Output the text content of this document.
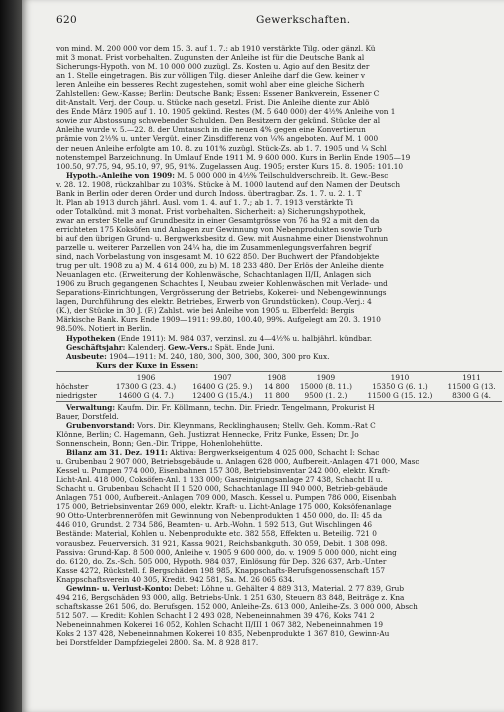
620	Gewerkschaften.

von mind. M. 200 000 vor dem 15. 3. auf 1. 7.: ab 1910 verstärkte Tilg. oder gänzl. Kü

mit 3 monat. Frist vorbehalten. Zugunsten der Anleihe ist für die Deutsche Bank al

Sicherungs-Hypoth. von M. 10 000 000 zuzügl. Zs. Kosten u. Agio auf den Besitz der

an 1. Stelle eingetragen. Bis zur völligen Tilg. dieser Anleihe darf die Gew. keiner v

leren Anleihe ein besseres Recht zugestehen, somit wohl aber eine gleiche Sicherh

Zahlstellen: Gew.-Kasse; Berlin: Deutsche Bank; Essen: Essener Bankverein, Essener C

dit-Anstalt. Verj. der Coup. u. Stücke nach gesetzl. Frist. Die Anleihe diente zur Ablö

des Ende März 1905 auf 1. 10. 1905 gekünd. Restes (M. 5 640 000) der 4½% Anleihe von 1

sowie zur Abstossung schwebender Schulden. Den Besitzern der gekünd. Stücke der al

Anleihe wurde v. 5.—22. 8. der Umtausch in die neuen 4% gegen eine Konvertierun

prämie von 2½% u. unter Vergüt. einer Zinsdifferenz von ¼% angeboten. Auf M. 1 000

der neuen Anleihe erfolgte am 10. 8. zu 101% zuzügl. Stück-Zs. ab 1. 7. 1905 und ¼ Schl

notenstempel Barzeichnung. In Umlauf Ende 1911 M. 9 600 000. Kurs in Berlin Ende 1905—19

100.50, 97.75, 94, 95.10, 97, 95, 91%. Zugelassen Aug. 1905; erster Kurs 15. 8. 1905: 101.10

Hypoth.-Anleihe von 1909: M. 5 000 000 in 4½% Teilschuldverschreib. lt. Gew.-Besc

v. 28. 12. 1908, rückzahlbar zu 103%. Stücke à M. 1000 lautend auf den Namen der Deutsch

Bank in Berlin oder deren Order und durch Indoss. übertragbar. Zs. 1. 7. u. 2. 1. T

lt. Plan ab 1913 durch jährl. Ausl. vom 1. 4. auf 1. 7.; ab 1. 7. 1913 verstärkte Ti

oder Totalkünd. mit 3 monat. Frist vorbehalten. Sicherheit: a) Sicherungshypothek,

zwar an erster Stelle auf Grundbesitz in einer Gesamtgrösse von 76 ha 92 a mit den da

errichteten 175 Koksöfen und Anlagen zur Gewinnung von Nebenprodukten sowie Turb

bi auf den übrigen Grund- u. Bergwerksbesitz d. Gew. mit Ausnahme einer Dienstwohnun

parzelle u. weiterer Parzellen von 24¼ ha, die im Zusammenlegungsverfahren begrif

sind, nach Vorbelastung von insgesamt M. 10 622 850. Der Buchwert der Pfandobjekte

trug per ult. 1908 zu a) M. 4 614 000, zu b) M. 18 233 480. Der Erlös der Anleihe diente

Neuanlagen etc. (Erweiterung der Kohlenwäsche, Schachtanlagen II/II, Anlagen sich

1906 zu Bruch gegangenen Schachtes I, Neubau zweier Kohlenwäschen mit Verlade- und

Separations-Einrichtungen, Vergrösserung der Betriebs, Kokerei- und Nebengewinnungs

lagen, Durchführung des elektr. Betriebes, Erwerb von Grundstücken). Coup.-Verj.: 4

(K.), der Stücke in 30 J. (F.) Zahlst. wie bei Anleihe von 1905 u. Elberfeld: Bergis

Märkische Bank. Kurs Ende 1909—1911: 99.80, 100.40, 99%. Aufgelegt am 20. 3. 1910

98.50%. Notiert in Berlin.

Hypotheken (Ende 1911): M. 984 037, verzinsl. zu 4—4½% u. halbjährl. kündbar.

Geschäftsjahr: Kalenderj. Gew.-Vers.: Spät. Ende Juni.

Ausbeute: 1904—1911: M. 240, 180, 300, 300, 300, 300, 300 pro Kux.

Kurs der Kuxe in Essen:

	1906	1907	1908	1909	1910	1911
höchster	17300 G (23. 4.)	16400 G (25. 9.)	14 800	15000 (8. 11.)	15350 G (6. 1.)	11500 G (13.
niedrigster	14600 G (4. 7.)	12400 G (15./4.)	11 800	9500 (1. 2.)	11500 G (15. 12.)	8300 G (4.

Verwaltung: Kaufm. Dir. Fr. Köllmann, techn. Dir. Friedr. Tengelmann, Prokurist H

Bauer, Dorstfeld.

Grubenvorstand: Vors. Dir. Kleynmans, Recklinghausen; Stellv. Geh. Komm.-Rat C

Klönne, Berlin; C. Hagemann, Geh. Justizrat Hennecke, Fritz Funke, Essen; Dr. Jo

Sonnenschein, Bonn; Gen.-Dir. Trippe, Hohenlohehütte.

Bilanz am 31. Dez. 1911: Aktiva: Bergwerkseigentum 4 025 000, Schacht I: Schac

u. Grubenbau 2 907 000, Betriebsgebäude u. Anlagen 628 000, Aufbereit.-Anlagen 471 000, Masc

Kessel u. Pumpen 774 000, Eisenbahnen 157 308, Betriebsinventar 242 000, elektr. Kraft-

Licht-Anl. 418 000, Coksöfen-Anl. 1 133 000; Gasreinigungsanlage 27 438, Schacht II u.

Schacht u. Grubenbau Schacht II 1 520 000, Schachtanlage III 940 000, Betrieb-gebäude

Anlagen 751 000, Aufbereit.-Anlagen 709 000, Masch. Kessel u. Pumpen 786 000, Eisenbah

175 000, Betriebsinventar 269 000, elektr. Kraft- u. Licht-Anlage 175 000, Koksöfenanlage

90 Otto-Unterbrenneröfen mit Gewinnung von Nebenprodukten 1 450 000, do. II: 45 da

446 010, Grundst. 2 734 586, Beamten- u. Arb.-Wohn. 1 592 513, Gut Wischlingen 46

Bestände: Material, Kohlen u. Nebenprodukte etc. 382 558, Effekten u. Beteilig. 721 0

vorausbez. Feuerversich. 31 921, Kassa 9021, Reichsbankguth. 30 059, Debit. 1 308 098.

Passiva: Grund-Kap. 8 500 000, Anleihe v. 1905 9 600 000, do. v. 1909 5 000 000, nicht eing

do. 6120, do. Zs.-Sch. 505 000, Hypoth. 984 037, Einlösung für Dep. 326 637, Arb.-Unter

Kasse 4272, Rückstell. f. Bergschäden 198 985, Knappschafts-Berufsgenossenschaft 157

Knappschaftsverein 40 305, Kredit. 942 581, Sa. M. 26 065 634.

Gewinn- u. Verlust-Konto: Debet: Löhne u. Gehälter 4 889 313, Material. 2 77 839, Grub

494 216, Bergschäden 93 000, allg. Betriebs-Unk. 1 251 630, Steuern 83 848, Beiträge z. Kna

schaftskasse 261 506, do. Berufsgen. 152 000, Anleihe-Zs. 613 000, Anleihe-Zs. 3 000 000, Absch

512 507. — Kredit: Kohlen Schacht I 2 493 028, Nebeneinnahmen 39 476, Koks 741 2

Nebeneinnahmen Kokerei 16 052, Kohlen Schacht II/III 1 067 382, Nebeneinnahmen 19

Koks 2 137 428, Nebeneinnahmen Kokerei 10 835, Nebenprodukte 1 367 810, Gewinn-Au

bei Dorstfelder Dampfziegelei 2800. Sa. M. 8 928 817.
